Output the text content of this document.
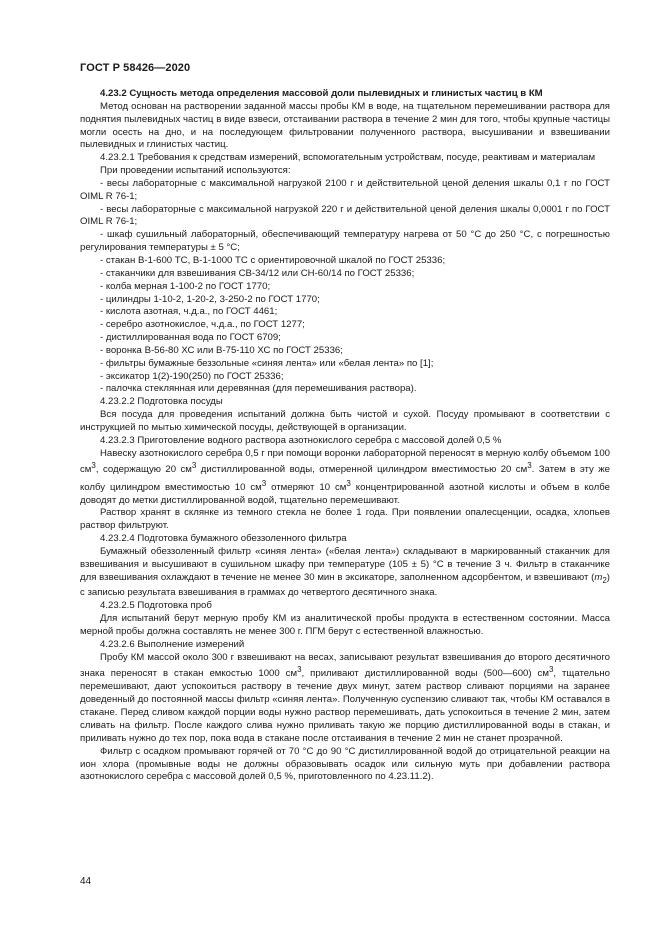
ГОСТ Р 58426—2020

4.23.2 Сущность метода определения массовой доли пылевидных и глинистых частиц в КМ

Метод основан на растворении заданной массы пробы КМ в воде, на тщательном перемешивании раствора для поднятия пылевидных частиц в виде взвеси, отстаивании раствора в течение 2 мин для того, чтобы крупные частицы могли осесть на дно, и на последующем фильтровании полученного раствора, высушивании и взвешивании пылевидных и глинистых частиц.

4.23.2.1 Требования к средствам измерений, вспомогательным устройствам, посуде, реактивам и материалам

При проведении испытаний используются:

- весы лабораторные с максимальной нагрузкой 2100 г и действительной ценой деления шкалы 0,1 г по ГОСТ OIML R 76-1;

- весы лабораторные с максимальной нагрузкой 220 г и действительной ценой деления шкалы 0,0001 г по ГОСТ OIML R 76-1;

- шкаф сушильный лабораторный, обеспечивающий температуру нагрева от 50 °С до 250 °С, с погрешностью регулирования температуры ± 5 °С;

- стакан В-1-600 ТС, В-1-1000 ТС с ориентировочной шкалой по ГОСТ 25336;

- стаканчики для взвешивания СВ-34/12 или СН-60/14 по ГОСТ 25336;

- колба мерная 1-100-2 по ГОСТ 1770;

- цилиндры 1-10-2, 1-20-2, 3-250-2 по ГОСТ 1770;

- кислота азотная, ч.д.а., по ГОСТ 4461;

- серебро азотнокислое, ч.д.а., по ГОСТ 1277;

- дистиллированная вода по ГОСТ 6709;

- воронка В-56-80 ХС или В-75-110 ХС по ГОСТ 25336;

- фильтры бумажные беззольные «синяя лента» или «белая лента» по [1];

- эксикатор 1(2)-190(250) по ГОСТ 25336;

- палочка стеклянная или деревянная (для перемешивания раствора).

4.23.2.2 Подготовка посуды

Вся посуда для проведения испытаний должна быть чистой и сухой. Посуду промывают в соответствии с инструкцией по мытью химической посуды, действующей в организации.

4.23.2.3 Приготовление водного раствора азотнокислого серебра с массовой долей 0,5 %

Навеску азотнокислого серебра 0,5 г при помощи воронки лабораторной переносят в мерную колбу объемом 100 $см^3$, содержащую 20 $см^3$ дистиллированной воды, отмеренной цилиндром вместимостью 20 $см^3$. Затем в эту же колбу цилиндром вместимостью 10 $см^3$ отмеряют 10 $см^3$ концентрированной азотной кислоты и объем в колбе доводят до метки дистиллированной водой, тщательно перемешивают.

Раствор хранят в склянке из темного стекла не более 1 года. При появлении опалесценции, осадка, хлопьев раствор фильтруют.

4.23.2.4 Подготовка бумажного обеззоленного фильтра

Бумажный обеззоленный фильтр «синяя лента» («белая лента») складывают в маркированный стаканчик для взвешивания и высушивают в сушильном шкафу при температуре (105 ± 5) °С в течение 3 ч. Фильтр в стаканчике для взвешивания охлаждают в течение не менее 30 мин в эксикаторе, заполненном адсорбентом, и взвешивают $(m_2)$ с записью результата взвешивания в граммах до четвертого десятичного знака.

4.23.2.5 Подготовка проб

Для испытаний берут мерную пробу КМ из аналитической пробы продукта в естественном состоянии. Масса мерной пробы должна составлять не менее 300 г. ПГМ берут с естественной влажностью.

4.23.2.6 Выполнение измерений

Пробу КМ массой около 300 г взвешивают на весах, записывают результат взвешивания до второго десятичного знака переносят в стакан емкостью 1000 $см^3$, приливают дистиллированной воды (500—600) $см^3$, тщательно перемешивают, дают успокоиться раствору в течение двух минут, затем раствор сливают порциями на заранее доведенный до постоянной массы фильтр «синяя лента». Полученную суспензию сливают так, чтобы КМ оставался в стакане. Перед сливом каждой порции воды нужно раствор перемешивать, дать успокоиться в течение 2 мин, затем сливать на фильтр. После каждого слива нужно приливать такую же порцию дистиллированной воды в стакан, и приливать нужно до тех пор, пока вода в стакане после отстаивания в течение 2 мин не станет прозрачной.

Фильтр с осадком промывают горячей от 70 °С до 90 °С дистиллированной водой до отрицательной реакции на ион хлора (промывные воды не должны образовывать осадок или сильную муть при добавлении раствора азотнокислого серебра с массовой долей 0,5 %, приготовленного по 4.23.11.2).

44
